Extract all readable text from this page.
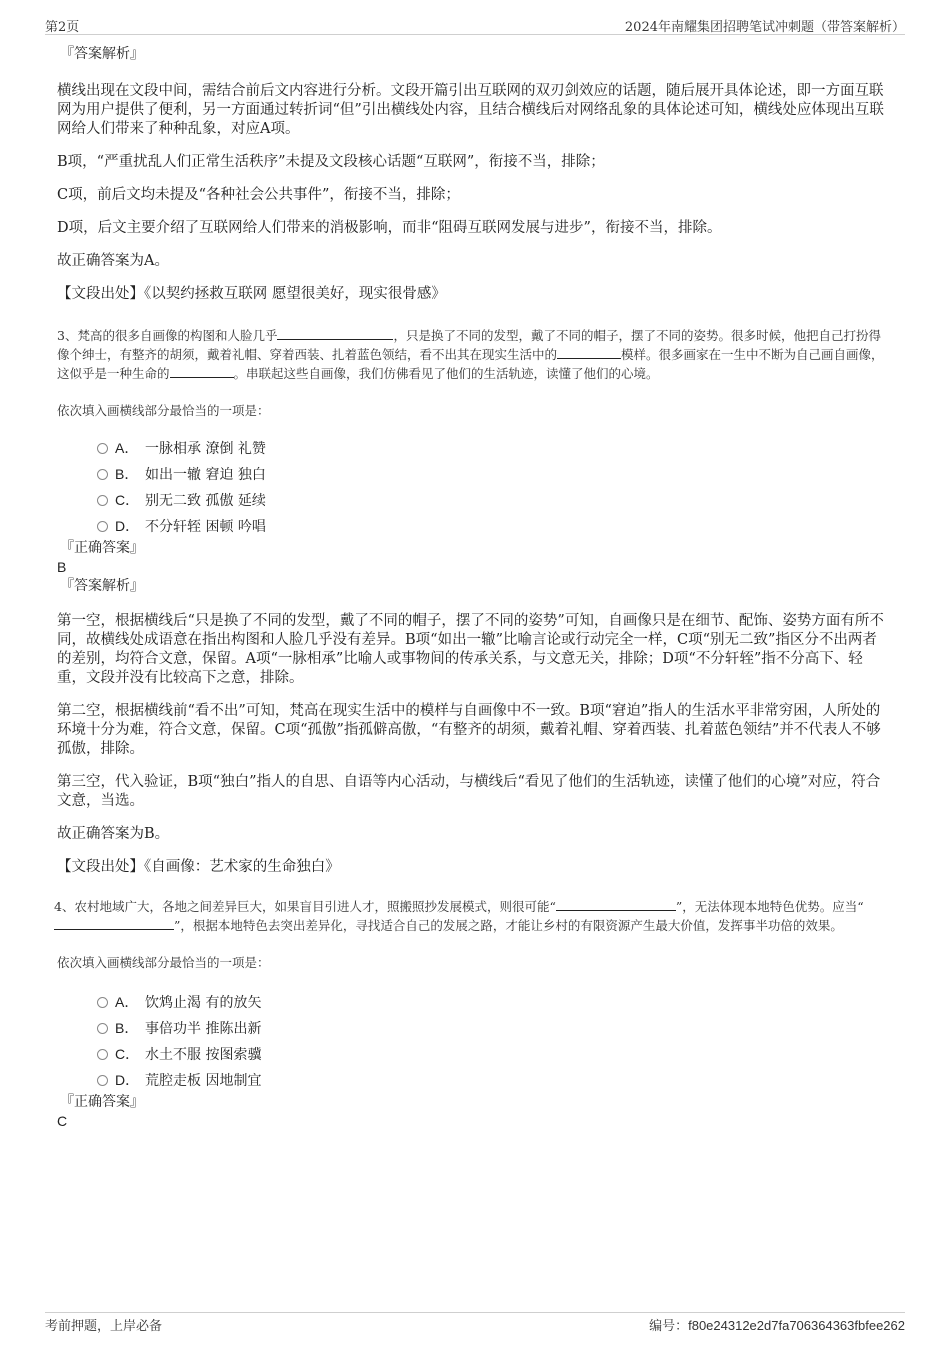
第2页	2024年南耀集团招聘笔试冲刺题（带答案解析）
『答案解析』

横线出现在文段中间，需结合前后文内容进行分析。文段开篇引出互联网的双刃剑效应的话题，随后展开具体论述，即一方面互联网为用户提供了便利，另一方面通过转折词“但”引出横线处内容，且结合横线后对网络乱象的具体论述可知，横线处应体现出互联网给人们带来了种种乱象，对应A项。

B项，“严重扰乱人们正常生活秩序”未提及文段核心话题“互联网”，衔接不当，排除；

C项，前后文均未提及“各种社会公共事件”，衔接不当，排除；

D项，后文主要介绍了互联网给人们带来的消极影响，而非“阻碍互联网发展与进步”，衔接不当，排除。

故正确答案为A。

【文段出处】《以契约拯救互联网 愿望很美好，现实很骨感》

3、梵高的很多自画像的构图和人脸几乎	，只是换了不同的发型，戴了不同的帽子，摆了不同的姿势。很多时候，他把自己打扮得像个绅士，有整齐的胡须，戴着礼帽、穿着西装、扎着蓝色领结，看不出其在现实生活中的	模样。很多画家在一生中不断为自己画自画像，这似乎是一种生命的	。串联起这些自画像，我们仿佛看见了他们的生活轨迹，读懂了他们的心境。

依次填入画横线部分最恰当的一项是：

A． 一脉相承 潦倒 礼赞
B． 如出一辙 窘迫 独白
C． 别无二致 孤傲 延续
D． 不分轩轾 困顿 吟唱
『正确答案』
B
『答案解析』

第一空，根据横线后“只是换了不同的发型，戴了不同的帽子，摆了不同的姿势”可知，自画像只是在细节、配饰、姿势方面有所不同，故横线处成语意在指出构图和人脸几乎没有差异。B项“如出一辙”比喻言论或行动完全一样，C项“别无二致”指区分不出两者的差别，均符合文意，保留。A项“一脉相承”比喻人或事物间的传承关系，与文意无关，排除；D项“不分轩轾”指不分高下、轻重，文段并没有比较高下之意，排除。

第二空，根据横线前“看不出”可知，梵高在现实生活中的模样与自画像中不一致。B项“窘迫”指人的生活水平非常穷困，人所处的环境十分为难，符合文意，保留。C项“孤傲”指孤僻高傲，“有整齐的胡须，戴着礼帽、穿着西装、扎着蓝色领结”并不代表人不够孤傲，排除。

第三空，代入验证，B项“独白”指人的自思、自语等内心活动，与横线后“看见了他们的生活轨迹，读懂了他们的心境”对应，符合文意，当选。

故正确答案为B。

【文段出处】《自画像：艺术家的生命独白》

4、农村地域广大，各地之间差异巨大，如果盲目引进人才，照搬照抄发展模式，则很可能“	”，无法体现本地特色优势。应当“”，根据本地特色去突出差异化，寻找适合自己的发展之路，才能让乡村的有限资源产生最大价值，发挥事半功倍的效果。

依次填入画横线部分最恰当的一项是：

A． 饮鸩止渴 有的放矢
B． 事倍功半 推陈出新
C． 水土不服 按图索骥
D． 荒腔走板 因地制宜
『正确答案』
C
考前押题，上岸必备	编号：f80e24312e2d7fa706364363fbfee262
